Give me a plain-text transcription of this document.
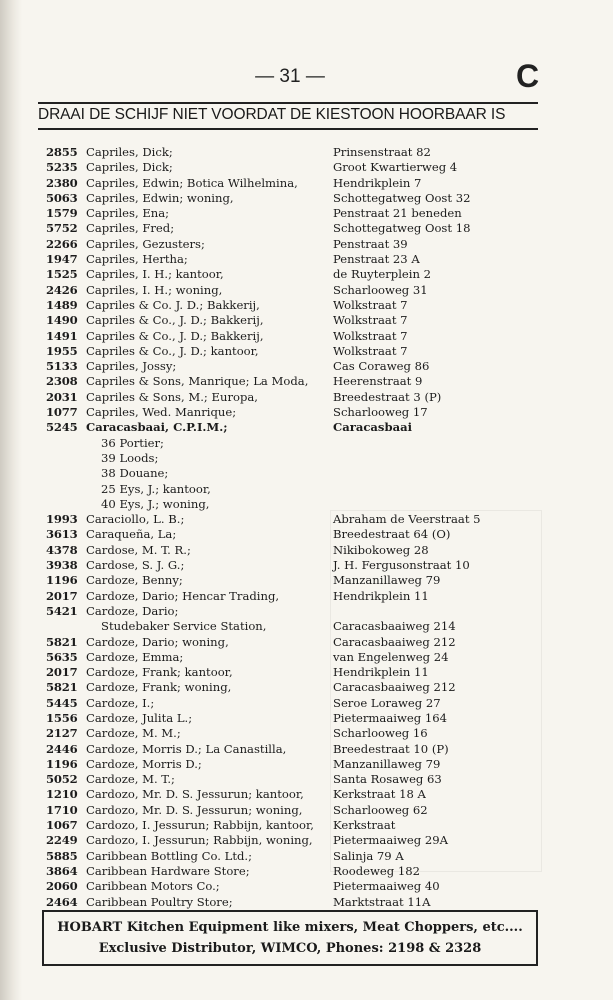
— 31 —	C
DRAAI DE SCHIJF NIET VOORDAT DE KIESTOON HOORBAAR IS
2855 Capriles, Dick;	Prinsenstraat 82
5235 Capriles, Dick;	Groot Kwartierweg 4
2380 Capriles, Edwin; Botica Wilhelmina,	Hendrikplein 7
5063 Capriles, Edwin; woning,	Schottegatweg Oost 32
1579 Capriles, Ena;	Penstraat 21 beneden
5752 Capriles, Fred;	Schottegatweg Oost 18
2266 Capriles, Gezusters;	Penstraat 39
1947 Capriles, Hertha;	Penstraat 23 A
1525 Capriles, I. H.; kantoor,	de Ruyterplein 2
2426 Capriles, I. H.; woning,	Scharlooweg 31
1489 Capriles & Co. J. D.; Bakkerij,	Wolkstraat 7
1490 Capriles & Co., J. D.; Bakkerij,	Wolkstraat 7
1491 Capriles & Co., J. D.; Bakkerij,	Wolkstraat 7
1955 Capriles & Co., J. D.; kantoor,	Wolkstraat 7
5133 Capriles, Jossy;	Cas Coraweg 86
2308 Capriles & Sons, Manrique; La Moda, Heerenstraat 9
2031 Capriles & Sons, M.; Europa,	Breedestraat 3 (P)
1077 Capriles, Wed. Manrique;	Scharlooweg 17
5245 Caracasbaai, C.P.I.M.;	Caracasbaai
36 Portier;
39 Loods;
38 Douane;
25 Eys, J.; kantoor,
40 Eys, J.; woning,
1993 Caraciollo, L. B.;	Abraham de Veerstraat 5
3613 Caraqueña, La;	Breedestraat 64 (O)
4378 Cardose, M. T. R.;	Nikibokoweg 28
3938 Cardose, S. J. G.;	J. H. Fergusonstraat 10
1196 Cardoze, Benny;	Manzanillaweg 79
2017 Cardoze, Dario; Hencar Trading,	Hendrikplein 11
5421 Cardoze, Dario;
Studebaker Service Station,	Caracasbaaiweg 214
5821 Cardoze, Dario; woning,	Caracasbaaiweg 212
5635 Cardoze, Emma;	van Engelenweg 24
2017 Cardoze, Frank; kantoor,	Hendrikplein 11
5821 Cardoze, Frank; woning,	Caracasbaaiweg 212
5445 Cardoze, I.;	Seroe Loraweg 27
1556 Cardoze, Julita L.;	Pietermaaiweg 164
2127 Cardoze, M. M.;	Scharlooweg 16
2446 Cardoze, Morris D.; La Canastilla,	Breedestraat 10 (P)
1196 Cardoze, Morris D.;	Manzanillaweg 79
5052 Cardoze, M. T.;	Santa Rosaweg 63
1210 Cardozo, Mr. D. S. Jessurun; kantoor,	Kerkstraat 18 A
1710 Cardozo, Mr. D. S. Jessurun; woning,	Scharlooweg 62
1067 Cardozo, I. Jessurun; Rabbijn, kantoor, Kerkstraat
2249 Cardozo, I. Jessurun; Rabbijn, woning, Pietermaaiweg 29A
5885 Caribbean Bottling Co. Ltd.;	Salinja 79 A
3864 Caribbean Hardware Store;	Roodeweg 182
2060 Caribbean Motors Co.;	Pietermaaiweg 40
2464 Caribbean Poultry Store;	Marktstraat 11A
HOBART Kitchen Equipment like mixers, Meat Choppers, etc....
Exclusive Distributor, WIMCO, Phones: 2198 & 2328
